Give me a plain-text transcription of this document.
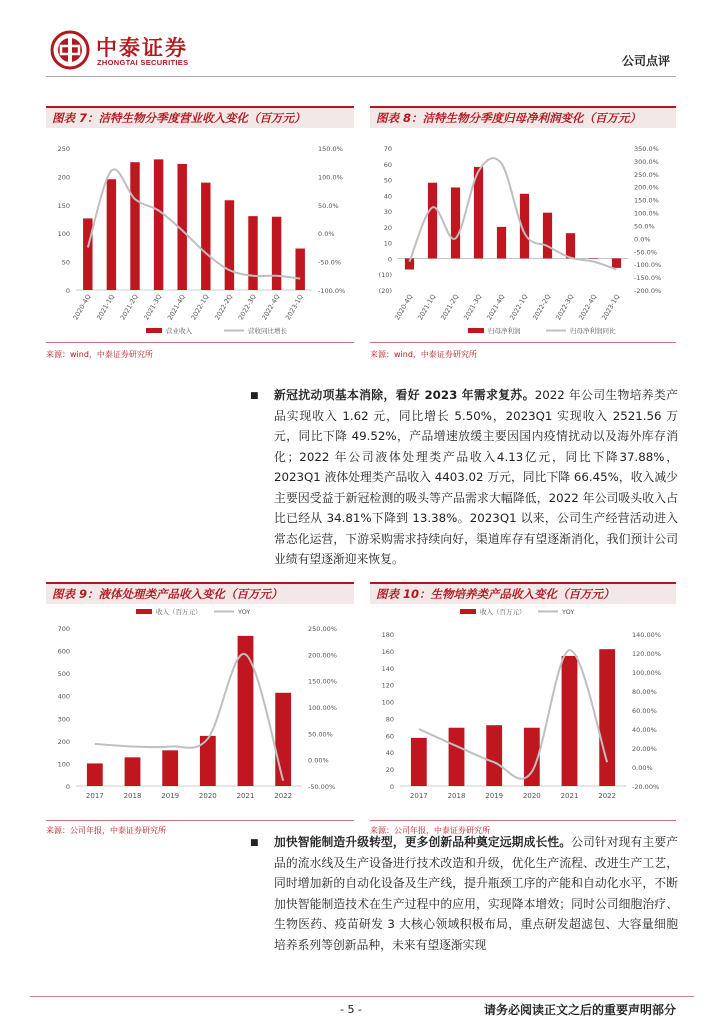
中泰证券
ZHONGTAI SECURITIES	公司点评
图表 7：洁特生物分季度营业收入变化（百万元）
0
50
100
150
200
250
-100.0%
-50.0%
0.0%
50.0%
100.0%
150.0%
2020-4Q 2021-1Q 2021-2Q 2021-3Q 2021-4Q 2022-1Q 2022-2Q 2022-3Q 2022-4Q 2023-1Q
营业收入	营收同比增长
来源：wind，中泰证券研究所
图表 8：洁特生物分季度归母净利润变化（百万元）
(20)
(10)
0
10
20
30
40
50
60
70
-200.0%
-150.0%
-100.0%
-50.0%
0.0%
50.0%
100.0%
150.0%
200.0%
250.0%
300.0%
350.0%
2020-4Q 2021-1Q 2021-2Q 2021-3Q 2021-4Q 2022-1Q 2022-2Q 2022-3Q 2022-4Q 2023-1Q
归母净利润	归母净利润同比
来源：wind，中泰证券研究所
■ 新冠扰动项基本消除，看好 2023 年需求复苏。2022 年公司生物培养类产品实现收入 1.62 元，同比增长 5.50%，2023Q1 实现收入 2521.56 万元，同比下降 49.52%，产品增速放缓主要因国内疫情扰动以及海外库存消化；2022 年公司液体处理类产品收入4.13亿元，同比下降37.88%，2023Q1 液体处理类产品收入 4403.02 万元，同比下降 66.45%，收入减少主要因受益于新冠检测的吸头等产品需求大幅降低，2022 年公司吸头收入占比已经从 34.81%下降到 13.38%。2023Q1 以来，公司生产经营活动进入常态化运营，下游采购需求持续向好，渠道库存有望逐渐消化，我们预计公司业绩有望逐渐迎来恢复。
图表 9：液体处理类产品收入变化（百万元）
0
100
200
300
400
500
600
700
-50.00%
0.00%
50.00%
100.00%
150.00%
200.00%
250.00%
2017	2018	2019	2020	2021	2022
收入（百万元）	YOY
来源：公司年报，中泰证券研究所
图表 10：生物培养类产品收入变化（百万元）
0
20
40
60
80
100
120
140
160
180
-20.00%
0.00%
20.00%
40.00%
60.00%
80.00%
100.00%
120.00%
140.00%
2017	2018	2019	2020	2021	2022
收入（百万元）	YOY
来源：公司年报，中泰证券研究所
■ 加快智能制造升级转型，更多创新品种奠定远期成长性。公司针对现有主要产品的流水线及生产设备进行技术改造和升级，优化生产流程、改进生产工艺，同时增加新的自动化设备及生产线，提升瓶颈工序的产能和自动化水平，不断加快智能制造技术在生产过程中的应用，实现降本增效；同时公司细胞治疗、生物医药、疫苗研发 3 大核心领域积极布局，重点研发超滤包、大容量细胞培养系列等创新品种，未来有望逐渐实现
- 5 -	请务必阅读正文之后的重要声明部分
